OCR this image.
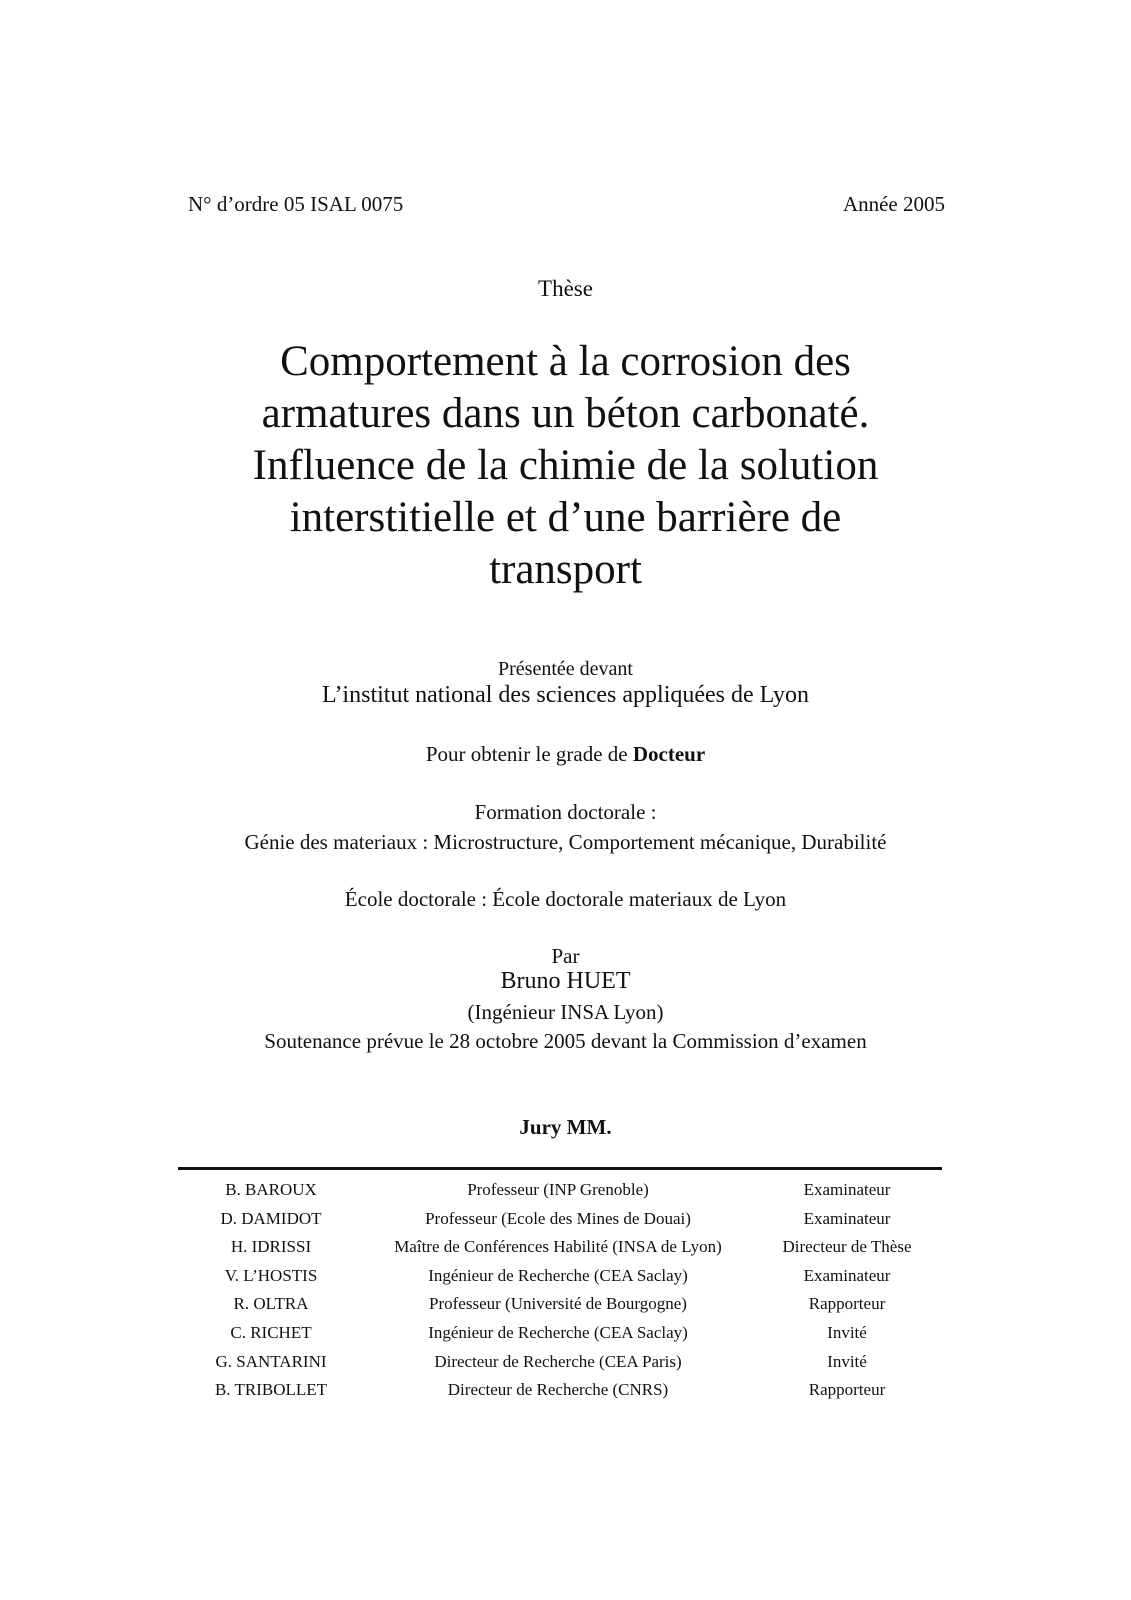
N° d’ordre 05 ISAL 0075	Année 2005
Thèse
Comportement à la corrosion des
armatures dans un béton carbonaté.
Influence de la chimie de la solution
interstitielle et d’une barrière de
transport
Présentée devant
L’institut national des sciences appliquées de Lyon
Pour obtenir le grade de Docteur
Formation doctorale :
Génie des materiaux : Microstructure, Comportement mécanique, Durabilité
École doctorale : École doctorale materiaux de Lyon
Par
Bruno HUET
(Ingénieur INSA Lyon)
Soutenance prévue le 28 octobre 2005 devant la Commission d’examen
Jury MM.
B. BAROUX	Professeur (INP Grenoble)	Examinateur
D. DAMIDOT	Professeur (Ecole des Mines de Douai)	Examinateur
H. IDRISSI	Maître de Conférences Habilité (INSA de Lyon)	Directeur de Thèse
V. L’HOSTIS	Ingénieur de Recherche (CEA Saclay)	Examinateur
R. OLTRA	Professeur (Université de Bourgogne)	Rapporteur
C. RICHET	Ingénieur de Recherche (CEA Saclay)	Invité
G. SANTARINI	Directeur de Recherche (CEA Paris)	Invité
B. TRIBOLLET	Directeur de Recherche (CNRS)	Rapporteur
